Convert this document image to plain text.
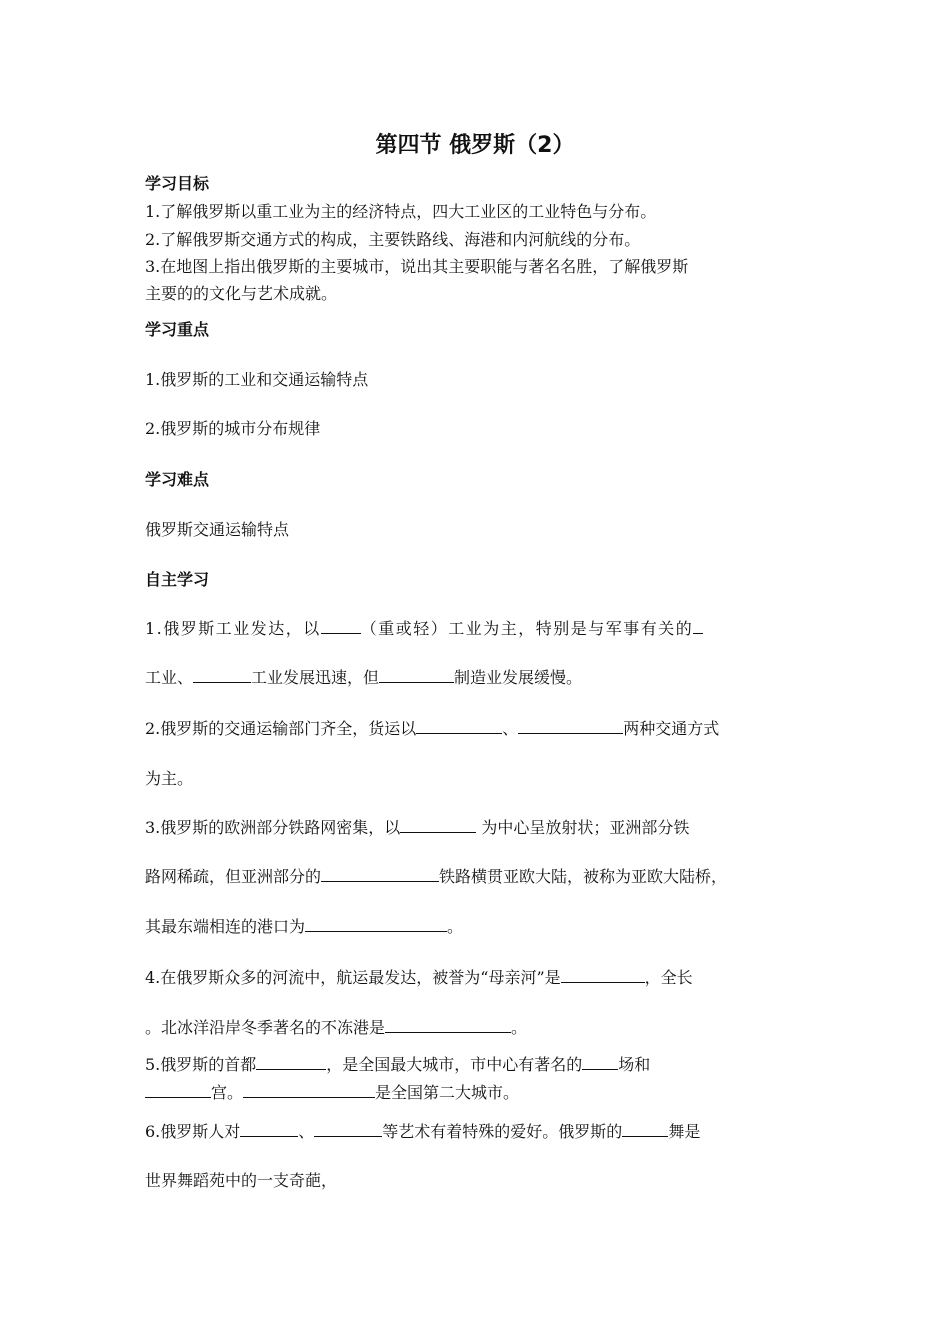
第四节 俄罗斯（2）
学习目标
1.了解俄罗斯以重工业为主的经济特点，四大工业区的工业特色与分布。
2.了解俄罗斯交通方式的构成，主要铁路线、海港和内河航线的分布。
3.在地图上指出俄罗斯的主要城市，说出其主要职能与著名名胜，了解俄罗斯
主要的的文化与艺术成就。
学习重点
1.俄罗斯的工业和交通运输特点
2.俄罗斯的城市分布规律
学习难点
俄罗斯交通运输特点
自主学习
1.俄罗斯工业发达，以	（重或轻）工业为主，特别是与军事有关的
工业、	工业发展迅速，但	制造业发展缓慢。
2.俄罗斯的交通运输部门齐全，货运以	、	两种交通方式
为主。
3.俄罗斯的欧洲部分铁路网密集，以	为中心呈放射状；亚洲部分铁
路网稀疏，但亚洲部分的	铁路横贯亚欧大陆，被称为亚欧大陆桥，
其最东端相连的港口为	。
4.在俄罗斯众多的河流中，航运最发达，被誉为“母亲河”是	，全长
。北冰洋沿岸冬季著名的不冻港是	。
5.俄罗斯的首都	，是全国最大城市，市中心有著名的 场和
宫。	是全国第二大城市。
6.俄罗斯人对	、	等艺术有着特殊的爱好。俄罗斯的	舞是
世界舞蹈苑中的一支奇葩，
